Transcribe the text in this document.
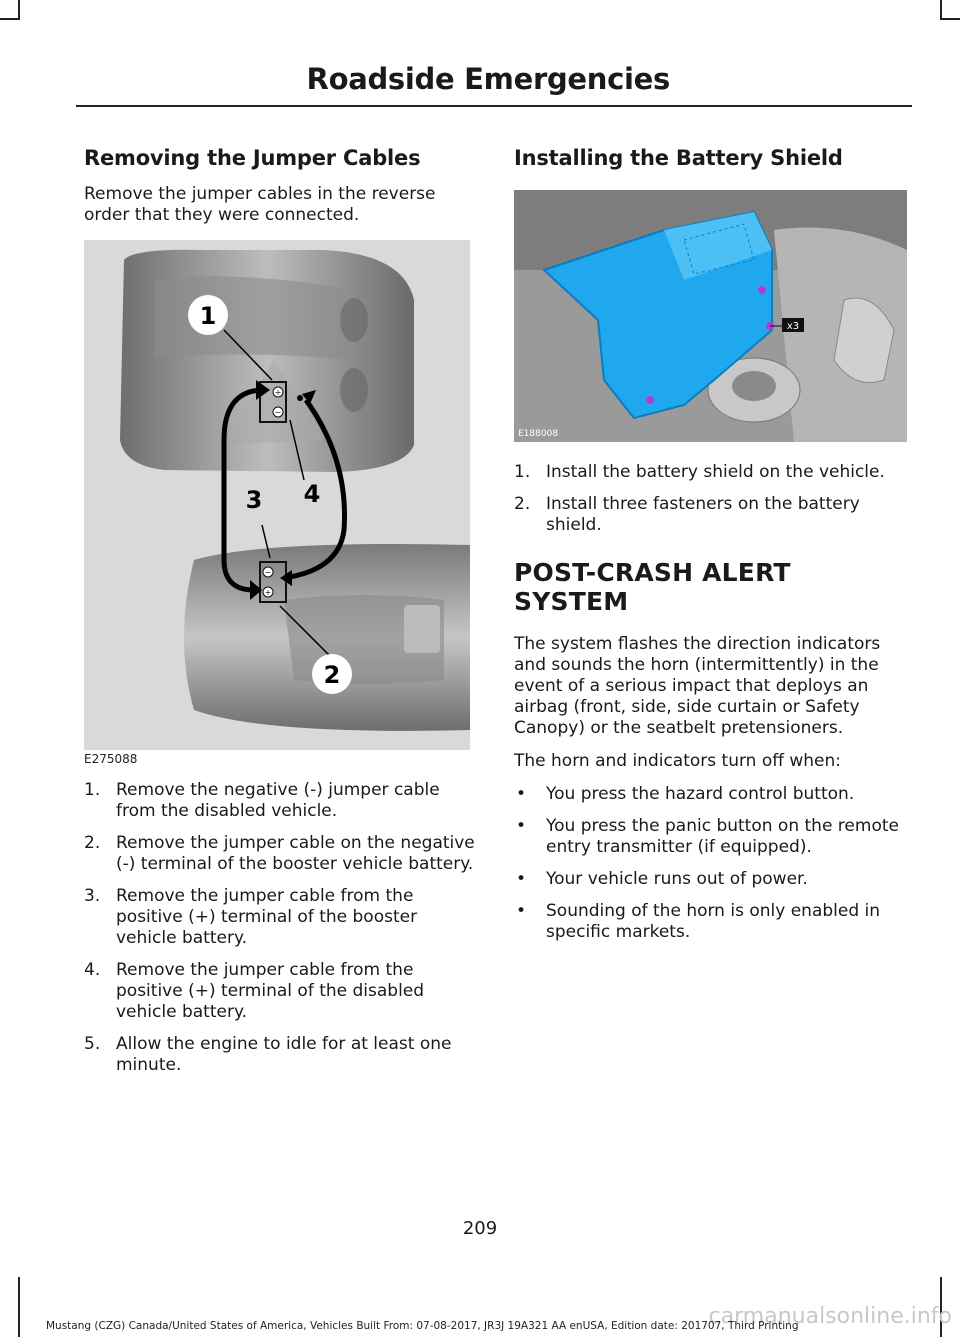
Roadside Emergencies
Removing the Jumper Cables

Remove the jumper cables in the reverse order that they were connected.

+
−
−
+
1
2
3 4
E275088
1. Remove the negative (-) jumper cable from the disabled vehicle.
2. Remove the jumper cable on the negative (-) terminal of the booster vehicle battery.
3. Remove the jumper cable from the positive (+) terminal of the booster vehicle battery.
4. Remove the jumper cable from the positive (+) terminal of the disabled vehicle battery.
5. Allow the engine to idle for at least one minute.
Installing the Battery Shield
x3
E188008
1. Install the battery shield on the vehicle.
2. Install three fasteners on the battery shield.
POST-CRASH ALERT SYSTEM

The system flashes the direction indicators and sounds the horn (intermittently) in the event of a serious impact that deploys an airbag (front, side, side curtain or Safety Canopy) or the seatbelt pretensioners.

The horn and indicators turn off when:

• You press the hazard control button.
• You press the panic button on the remote entry transmitter (if equipped).
• Your vehicle runs out of power.
• Sounding of the horn is only enabled in specific markets.
209
carmanualsonline.info
Mustang (CZG) Canada/United States of America, Vehicles Built From: 07-08-2017, JR3J 19A321 AA enUSA, Edition date: 201707, Third Printing
